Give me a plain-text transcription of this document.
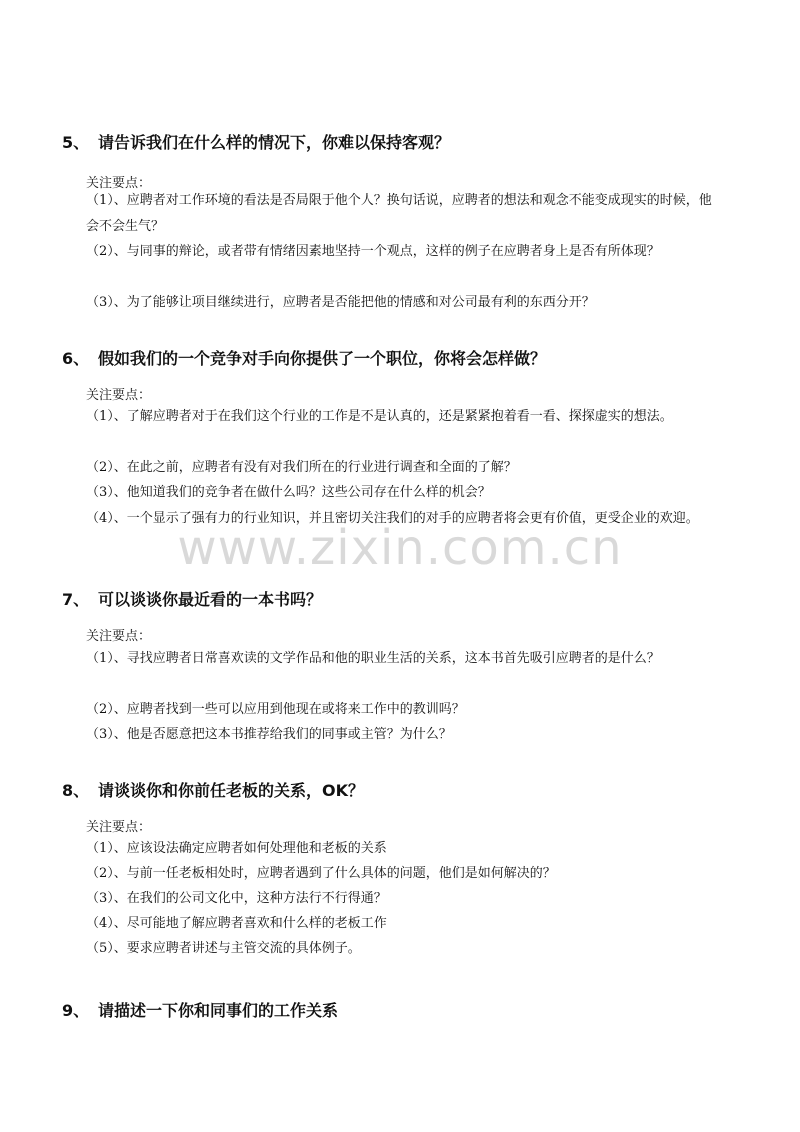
www.zixin.com.cn
5、 请告诉我们在什么样的情况下，你难以保持客观？
关注要点：
（1）、应聘者对工作环境的看法是否局限于他个人？换句话说，应聘者的想法和观念不能变成现实的时候，他会不会生气？
（2）、与同事的辩论，或者带有情绪因素地坚持一个观点，这样的例子在应聘者身上是否有所体现？
（3）、为了能够让项目继续进行，应聘者是否能把他的情感和对公司最有利的东西分开？
6、 假如我们的一个竞争对手向你提供了一个职位，你将会怎样做？
关注要点：
（1）、了解应聘者对于在我们这个行业的工作是不是认真的，还是紧紧抱着看一看、探探虚实的想法。
（2）、在此之前，应聘者有没有对我们所在的行业进行调查和全面的了解？
（3）、他知道我们的竞争者在做什么吗？这些公司存在什么样的机会？
（4）、一个显示了强有力的行业知识，并且密切关注我们的对手的应聘者将会更有价值，更受企业的欢迎。
7、 可以谈谈你最近看的一本书吗？
关注要点：
（1）、寻找应聘者日常喜欢读的文学作品和他的职业生活的关系，这本书首先吸引应聘者的是什么？
（2）、应聘者找到一些可以应用到他现在或将来工作中的教训吗？
（3）、他是否愿意把这本书推荐给我们的同事或主管？为什么？
8、 请谈谈你和你前任老板的关系，OK？
关注要点：
（1）、应该设法确定应聘者如何处理他和老板的关系
（2）、与前一任老板相处时，应聘者遇到了什么具体的问题，他们是如何解决的？
（3）、在我们的公司文化中，这种方法行不行得通？
（4）、尽可能地了解应聘者喜欢和什么样的老板工作
（5）、要求应聘者讲述与主管交流的具体例子。
9、 请描述一下你和同事们的工作关系
